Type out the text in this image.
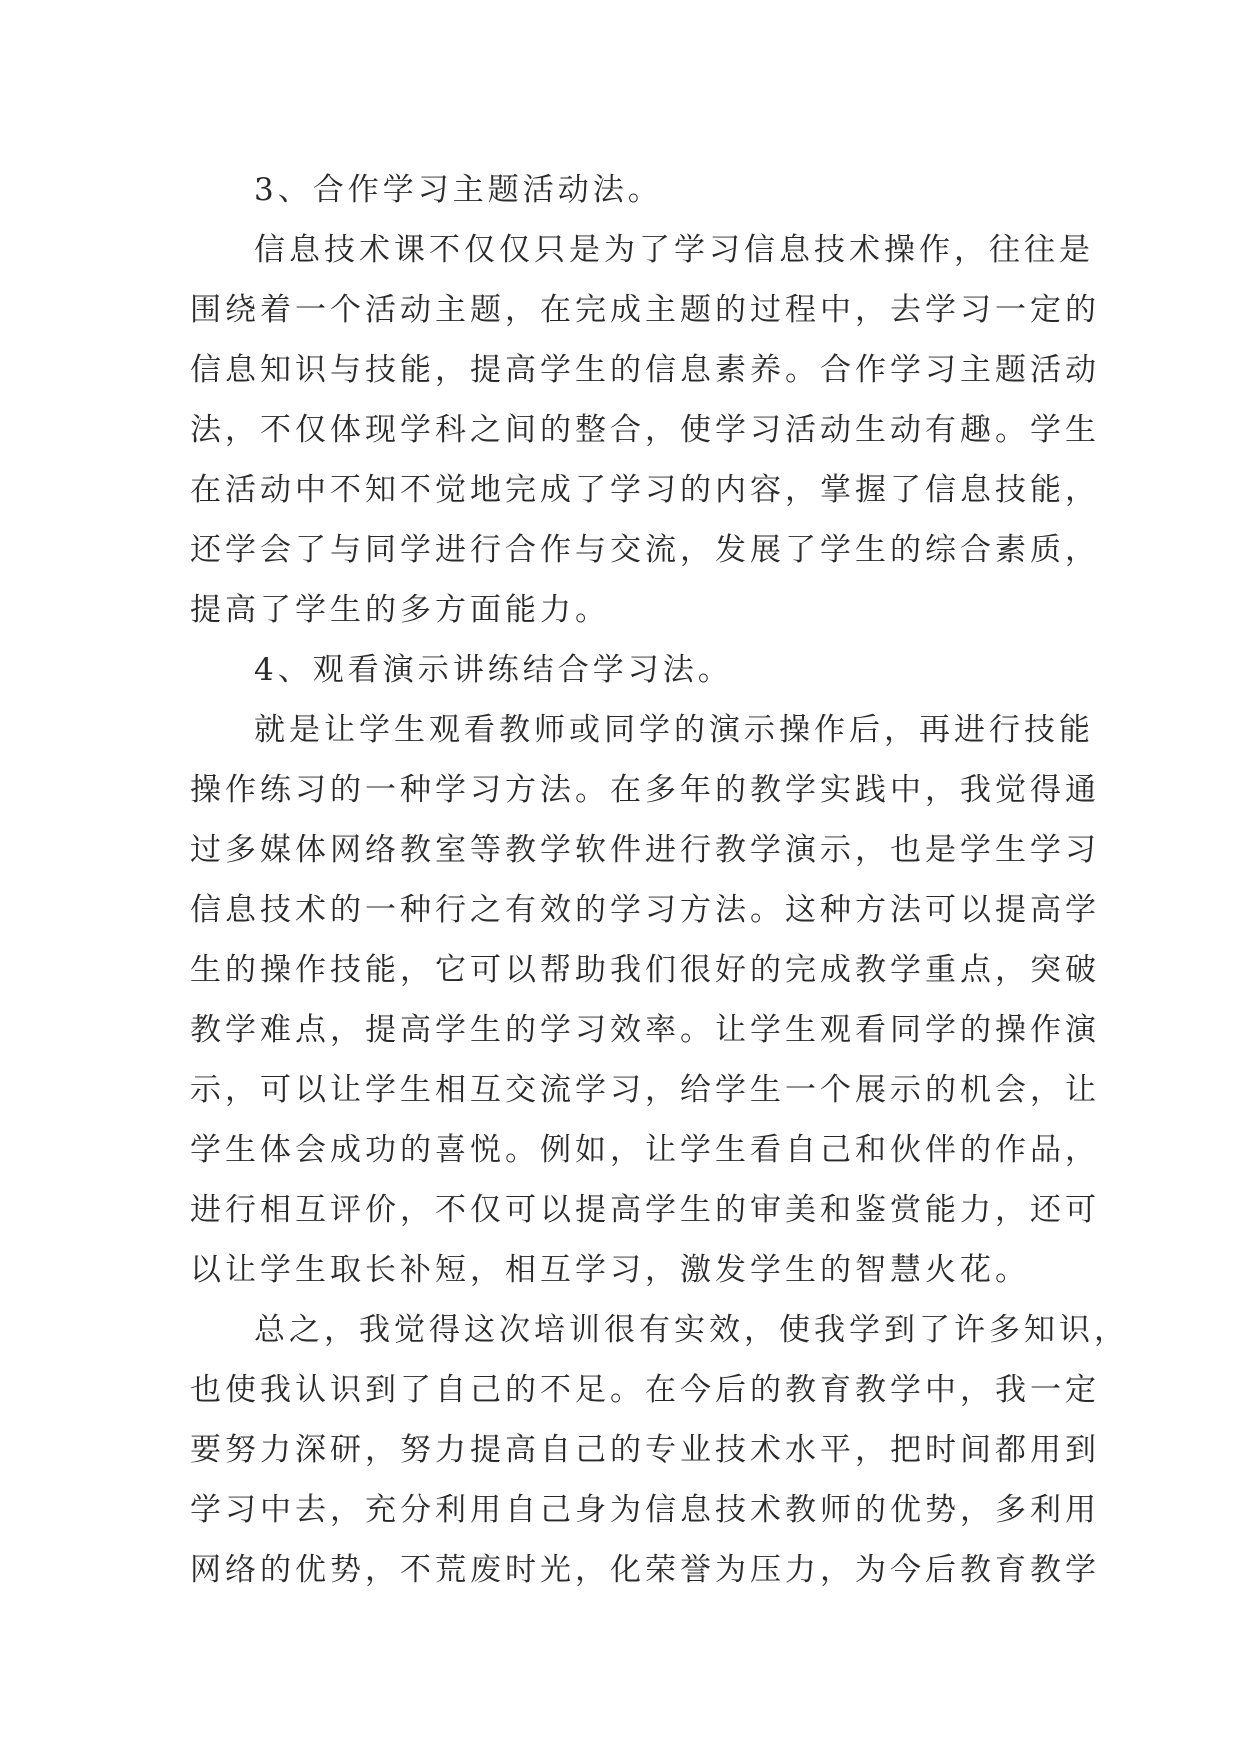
3、合作学习主题活动法。
信息技术课不仅仅只是为了学习信息技术操作，往往是
围绕着一个活动主题，在完成主题的过程中，去学习一定的
信息知识与技能，提高学生的信息素养。合作学习主题活动
法，不仅体现学科之间的整合，使学习活动生动有趣。学生
在活动中不知不觉地完成了学习的内容，掌握了信息技能，
还学会了与同学进行合作与交流，发展了学生的综合素质，
提高了学生的多方面能力。
4、观看演示讲练结合学习法。
就是让学生观看教师或同学的演示操作后，再进行技能
操作练习的一种学习方法。在多年的教学实践中，我觉得通
过多媒体网络教室等教学软件进行教学演示，也是学生学习
信息技术的一种行之有效的学习方法。这种方法可以提高学
生的操作技能，它可以帮助我们很好的完成教学重点，突破
教学难点，提高学生的学习效率。让学生观看同学的操作演
示，可以让学生相互交流学习，给学生一个展示的机会，让
学生体会成功的喜悦。例如，让学生看自己和伙伴的作品，
进行相互评价，不仅可以提高学生的审美和鉴赏能力，还可
以让学生取长补短，相互学习，激发学生的智慧火花。
总之，我觉得这次培训很有实效，使我学到了许多知识，
也使我认识到了自己的不足。在今后的教育教学中，我一定
要努力深研，努力提高自己的专业技术水平，把时间都用到
学习中去，充分利用自己身为信息技术教师的优势，多利用
网络的优势，不荒废时光，化荣誉为压力，为今后教育教学
